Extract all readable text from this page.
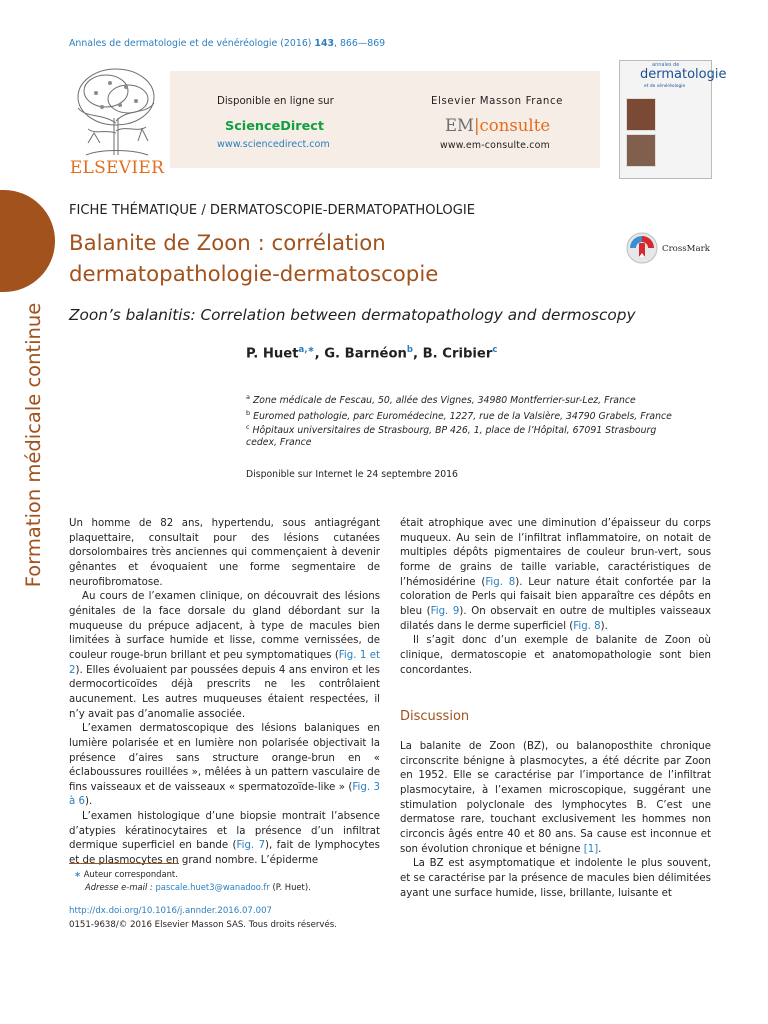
Formation médicale continue
Annales de dermatologie et de vénéréologie (2016) 143, 866—869
ELSEVIER
Disponible en ligne sur
ScienceDirect
www.sciencedirect.com
Elsevier Masson France
EM|consulte
www.em-consulte.com
annales de
dermatologie
et de vénéréologie
FICHE THÉMATIQUE / DERMATOSCOPIE-DERMATOPATHOLOGIE
Balanite de Zoon : corrélation
dermatopathologie-dermatoscopie
CrossMark
Zoon’s balanitis: Correlation between dermatopathology and dermoscopy
P. Huet$^{a,∗}$, G. Barnéon$^b$, B. Cribier$^c$
$^a$ Zone médicale de Fescau, 50, allée des Vignes, 34980 Montferrier-sur-Lez, France
$^b$ Euromed pathologie, parc Euromédecine, 1227, rue de la Valsière, 34790 Grabels, France
$^c$ Hôpitaux universitaires de Strasbourg, BP 426, 1, place de l’Hôpital, 67091 Strasbourg
cedex, France
Disponible sur Internet le 24 septembre 2016

Un homme de 82 ans, hypertendu, sous antiagrégant plaquettaire, consultait pour des lésions cutanées dorsolombaires très anciennes qui commençaient à devenir gênantes et évoquaient une forme segmentaire de neurofibromatose.

Au cours de l’examen clinique, on découvrait des lésions génitales de la face dorsale du gland débordant sur la muqueuse du prépuce adjacent, à type de macules bien limitées à surface humide et lisse, comme vernissées, de couleur rouge-brun brillant et peu symptomatiques (Fig. 1 et 2). Elles évoluaient par poussées depuis 4 ans environ et les dermocorticoïdes déjà prescrits ne les contrôlaient aucunement. Les autres muqueuses étaient respectées, il n’y avait pas d’anomalie associée.

L’examen dermatoscopique des lésions balaniques en lumière polarisée et en lumière non polarisée objectivait la présence d’aires sans structure orange-brun en « éclaboussures rouillées », mêlées à un pattern vasculaire de fins vaisseaux et de vaisseaux « spermatozoïde-like » (Fig. 3 à 6).

L’examen histologique d’une biopsie montrait l’absence d’atypies kératinocytaires et la présence d’un infiltrat dermique superficiel en bande (Fig. 7), fait de lymphocytes et de plasmocytes en grand nombre. L’épiderme

était atrophique avec une diminution d’épaisseur du corps muqueux. Au sein de l’infiltrat inflammatoire, on notait de multiples dépôts pigmentaires de couleur brun-vert, sous forme de grains de taille variable, caractéristiques de l’hémosidérine (Fig. 8). Leur nature était confortée par la coloration de Perls qui faisait bien apparaître ces dépôts en bleu (Fig. 9). On observait en outre de multiples vaisseaux dilatés dans le derme superficiel (Fig. 8).

Il s’agit donc d’un exemple de balanite de Zoon où clinique, dermatoscopie et anatomopathologie sont bien concordantes.

Discussion

La balanite de Zoon (BZ), ou balanoposthite chronique circonscrite bénigne à plasmocytes, a été décrite par Zoon en 1952. Elle se caractérise par l’importance de l’infiltrat plasmocytaire, à l’examen microscopique, suggérant une stimulation polyclonale des lymphocytes B. C’est une dermatose rare, touchant exclusivement les hommes non circoncis âgés entre 40 et 80 ans. Sa cause est inconnue et son évolution chronique et bénigne [1].

La BZ est asymptomatique et indolente le plus souvent, et se caractérise par la présence de macules bien délimitées ayant une surface humide, lisse, brillante, luisante et

∗ Auteur correspondant.
Adresse e-mail : pascale.huet3@wanadoo.fr (P. Huet).
http://dx.doi.org/10.1016/j.annder.2016.07.007
0151-9638/© 2016 Elsevier Masson SAS. Tous droits réservés.
